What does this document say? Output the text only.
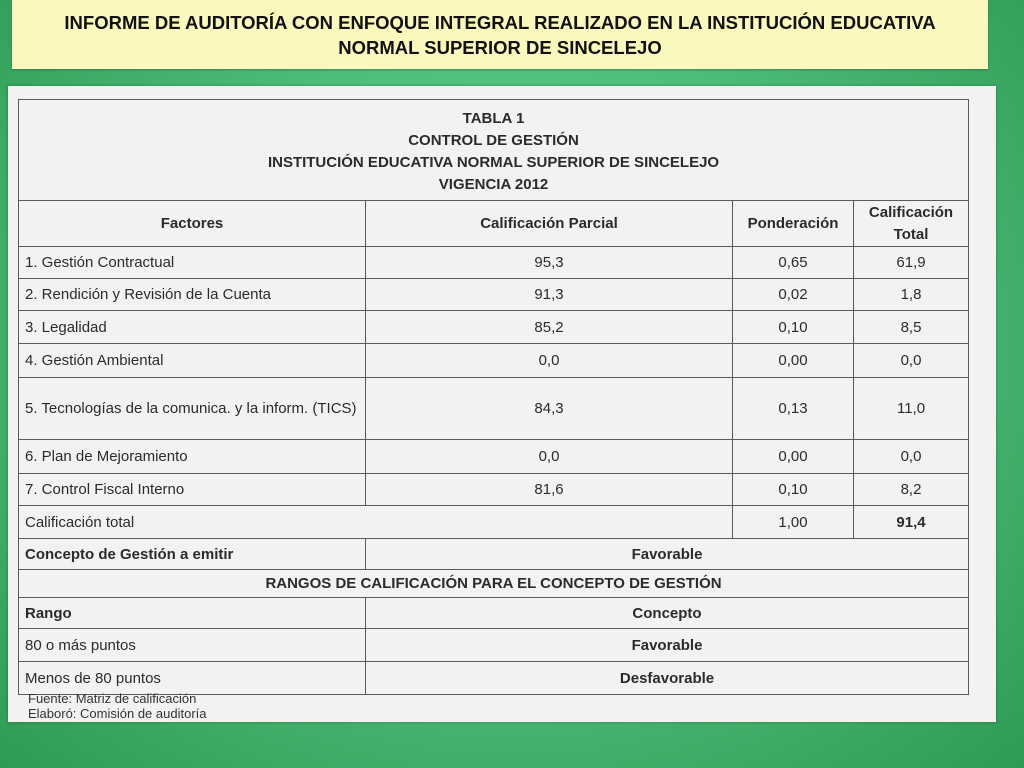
INFORME DE AUDITORÍA CON ENFOQUE INTEGRAL REALIZADO EN LA INSTITUCIÓN EDUCATIVA
NORMAL SUPERIOR DE SINCELEJO
TABLA 1
CONTROL DE GESTIÓN
INSTITUCIÓN EDUCATIVA NORMAL SUPERIOR DE SINCELEJO
VIGENCIA 2012			

Factores	Calificación Parcial	Ponderación	Calificación Total
1. Gestión Contractual	95,3	0,65	61,9
2. Rendición y Revisión de la Cuenta	91,3	0,02	1,8
3. Legalidad	85,2	0,10	8,5
4. Gestión Ambiental	0,0	0,00	0,0
5. Tecnologías de la comunica. y la inform. (TICS)	84,3	0,13	11,0
6. Plan de Mejoramiento	0,0	0,00	0,0
7. Control Fiscal Interno	81,6	0,10	8,2
Calificación total		1,00	91,4
Concepto de Gestión a emitir	Favorable		
RANGOS DE CALIFICACIÓN PARA EL CONCEPTO DE GESTIÓN			
Rango	Concepto		
80 o más puntos	Favorable		
Menos de 80 puntos	Desfavorable		
Fuente: Matriz de calificación
Elaboró: Comisión de auditoría
